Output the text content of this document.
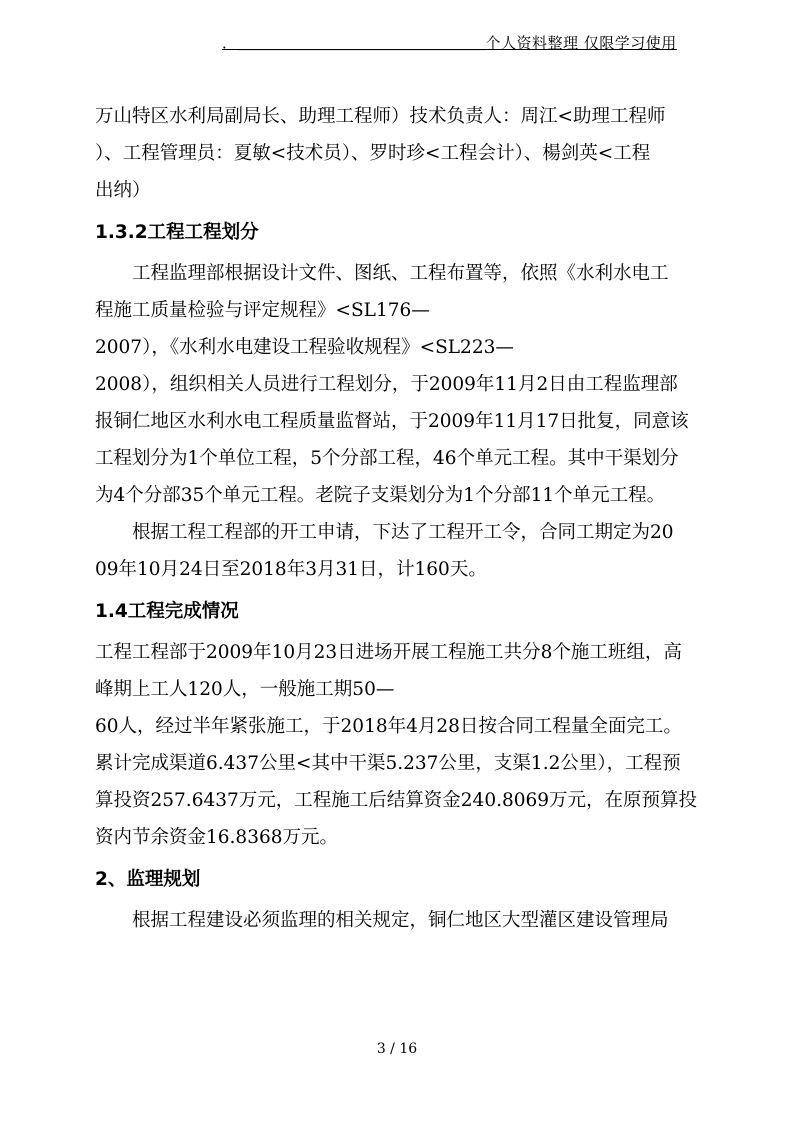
．＿＿＿＿＿＿＿＿＿＿＿＿＿＿＿＿个人资料整理 仅限学习使用

万山特区水利局副局长、助理工程师）技术负责人：周江<助理工程师

）、工程管理员：夏敏<技术员）、罗时珍<工程会计）、楊剑英<工程

出纳）

1.3.2工程工程划分

工程监理部根据设计文件、图纸、工程布置等，依照《水利水电工

程施工质量检验与评定规程》<SL176—

2007），《水利水电建设工程验收规程》<SL223—

2008），组织相关人员进行工程划分，于2009年11月2日由工程监理部

报铜仁地区水利水电工程质量监督站，于2009年11月17日批复，同意该

工程划分为1个单位工程，5个分部工程，46个单元工程。其中干渠划分

为4个分部35个单元工程。老院子支渠划分为1个分部11个单元工程。

根据工程工程部的开工申请，下达了工程开工令，合同工期定为20

09年10月24日至2018年3月31日，计160天。

1.4工程完成情况

工程工程部于2009年10月23日进场开展工程施工共分8个施工班组，高

峰期上工人120人，一般施工期50—

60人，经过半年紧张施工，于2018年4月28日按合同工程量全面完工。

累计完成渠道6.437公里<其中干渠5.237公里，支渠1.2公里），工程预

算投资257.6437万元，工程施工后结算资金240.8069万元，在原预算投

资内节余资金16.8368万元。

2、监理规划

根据工程建设必须监理的相关规定，铜仁地区大型灌区建设管理局

3 / 16
